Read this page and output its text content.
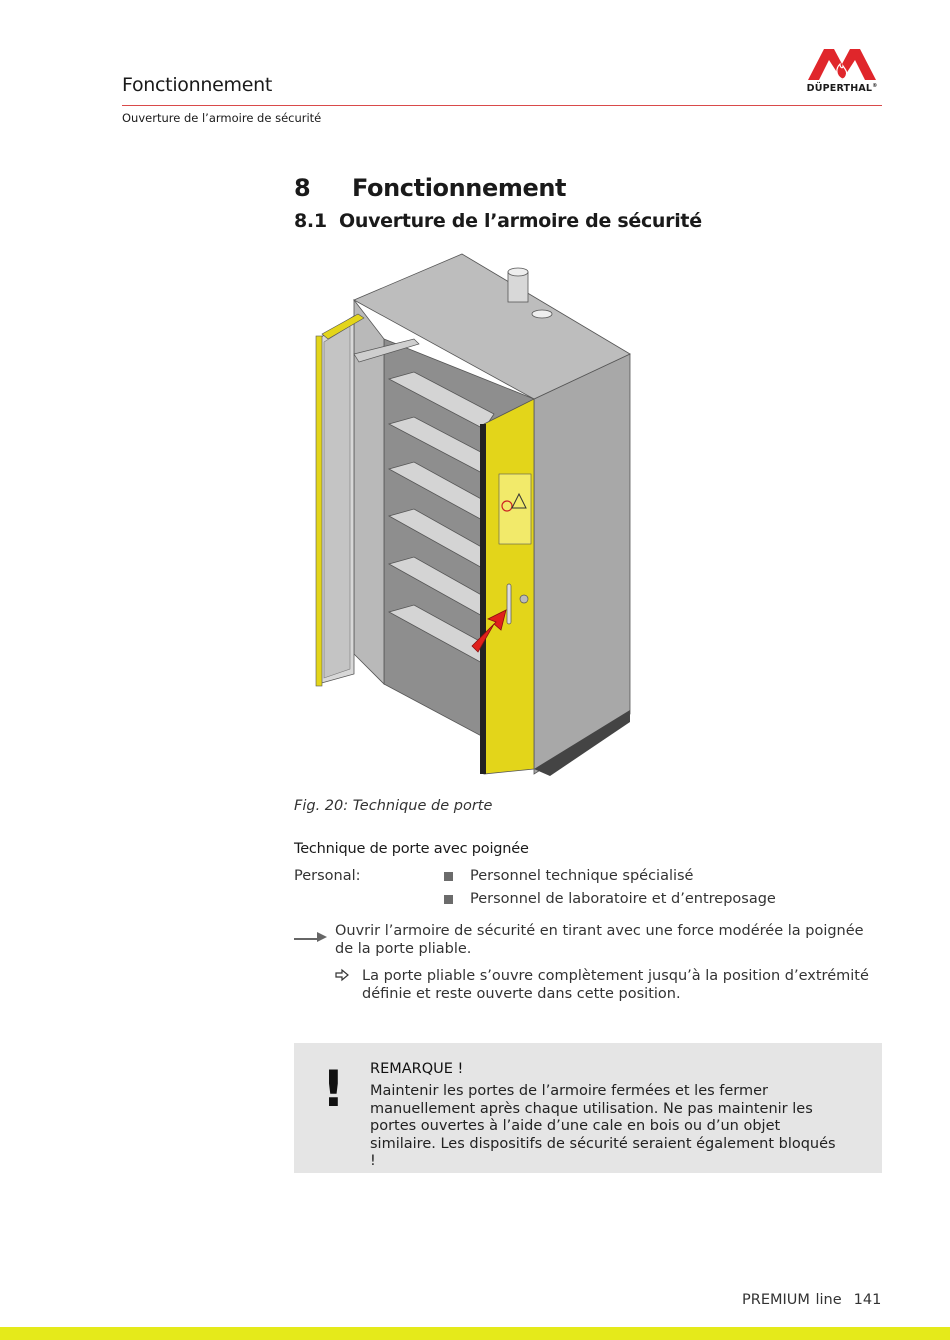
Fonctionnement
Ouverture de l’armoire de sécurité
DÜPERTHAL®
8 Fonctionnement
8.1 Ouverture de l’armoire de sécurité
Fig. 20: Technique de porte
Technique de porte avec poignée
Personal:	Personnel technique spécialisé
Personnel de laboratoire et d’entreposage
Ouvrir l’armoire de sécurité en tirant avec une force modérée la poignée de la porte pliable.
La porte pliable s’ouvre complètement jusqu’à la position d’extrémité définie et reste ouverte dans cette position.
! REMARQUE !
Maintenir les portes de l’armoire fermées et les fermer manuellement après chaque utilisation. Ne pas maintenir les portes ouvertes à l’aide d’une cale en bois ou d’un objet similaire. Les dispositifs de sécurité seraient également bloqués !
PREMIUM line 141
